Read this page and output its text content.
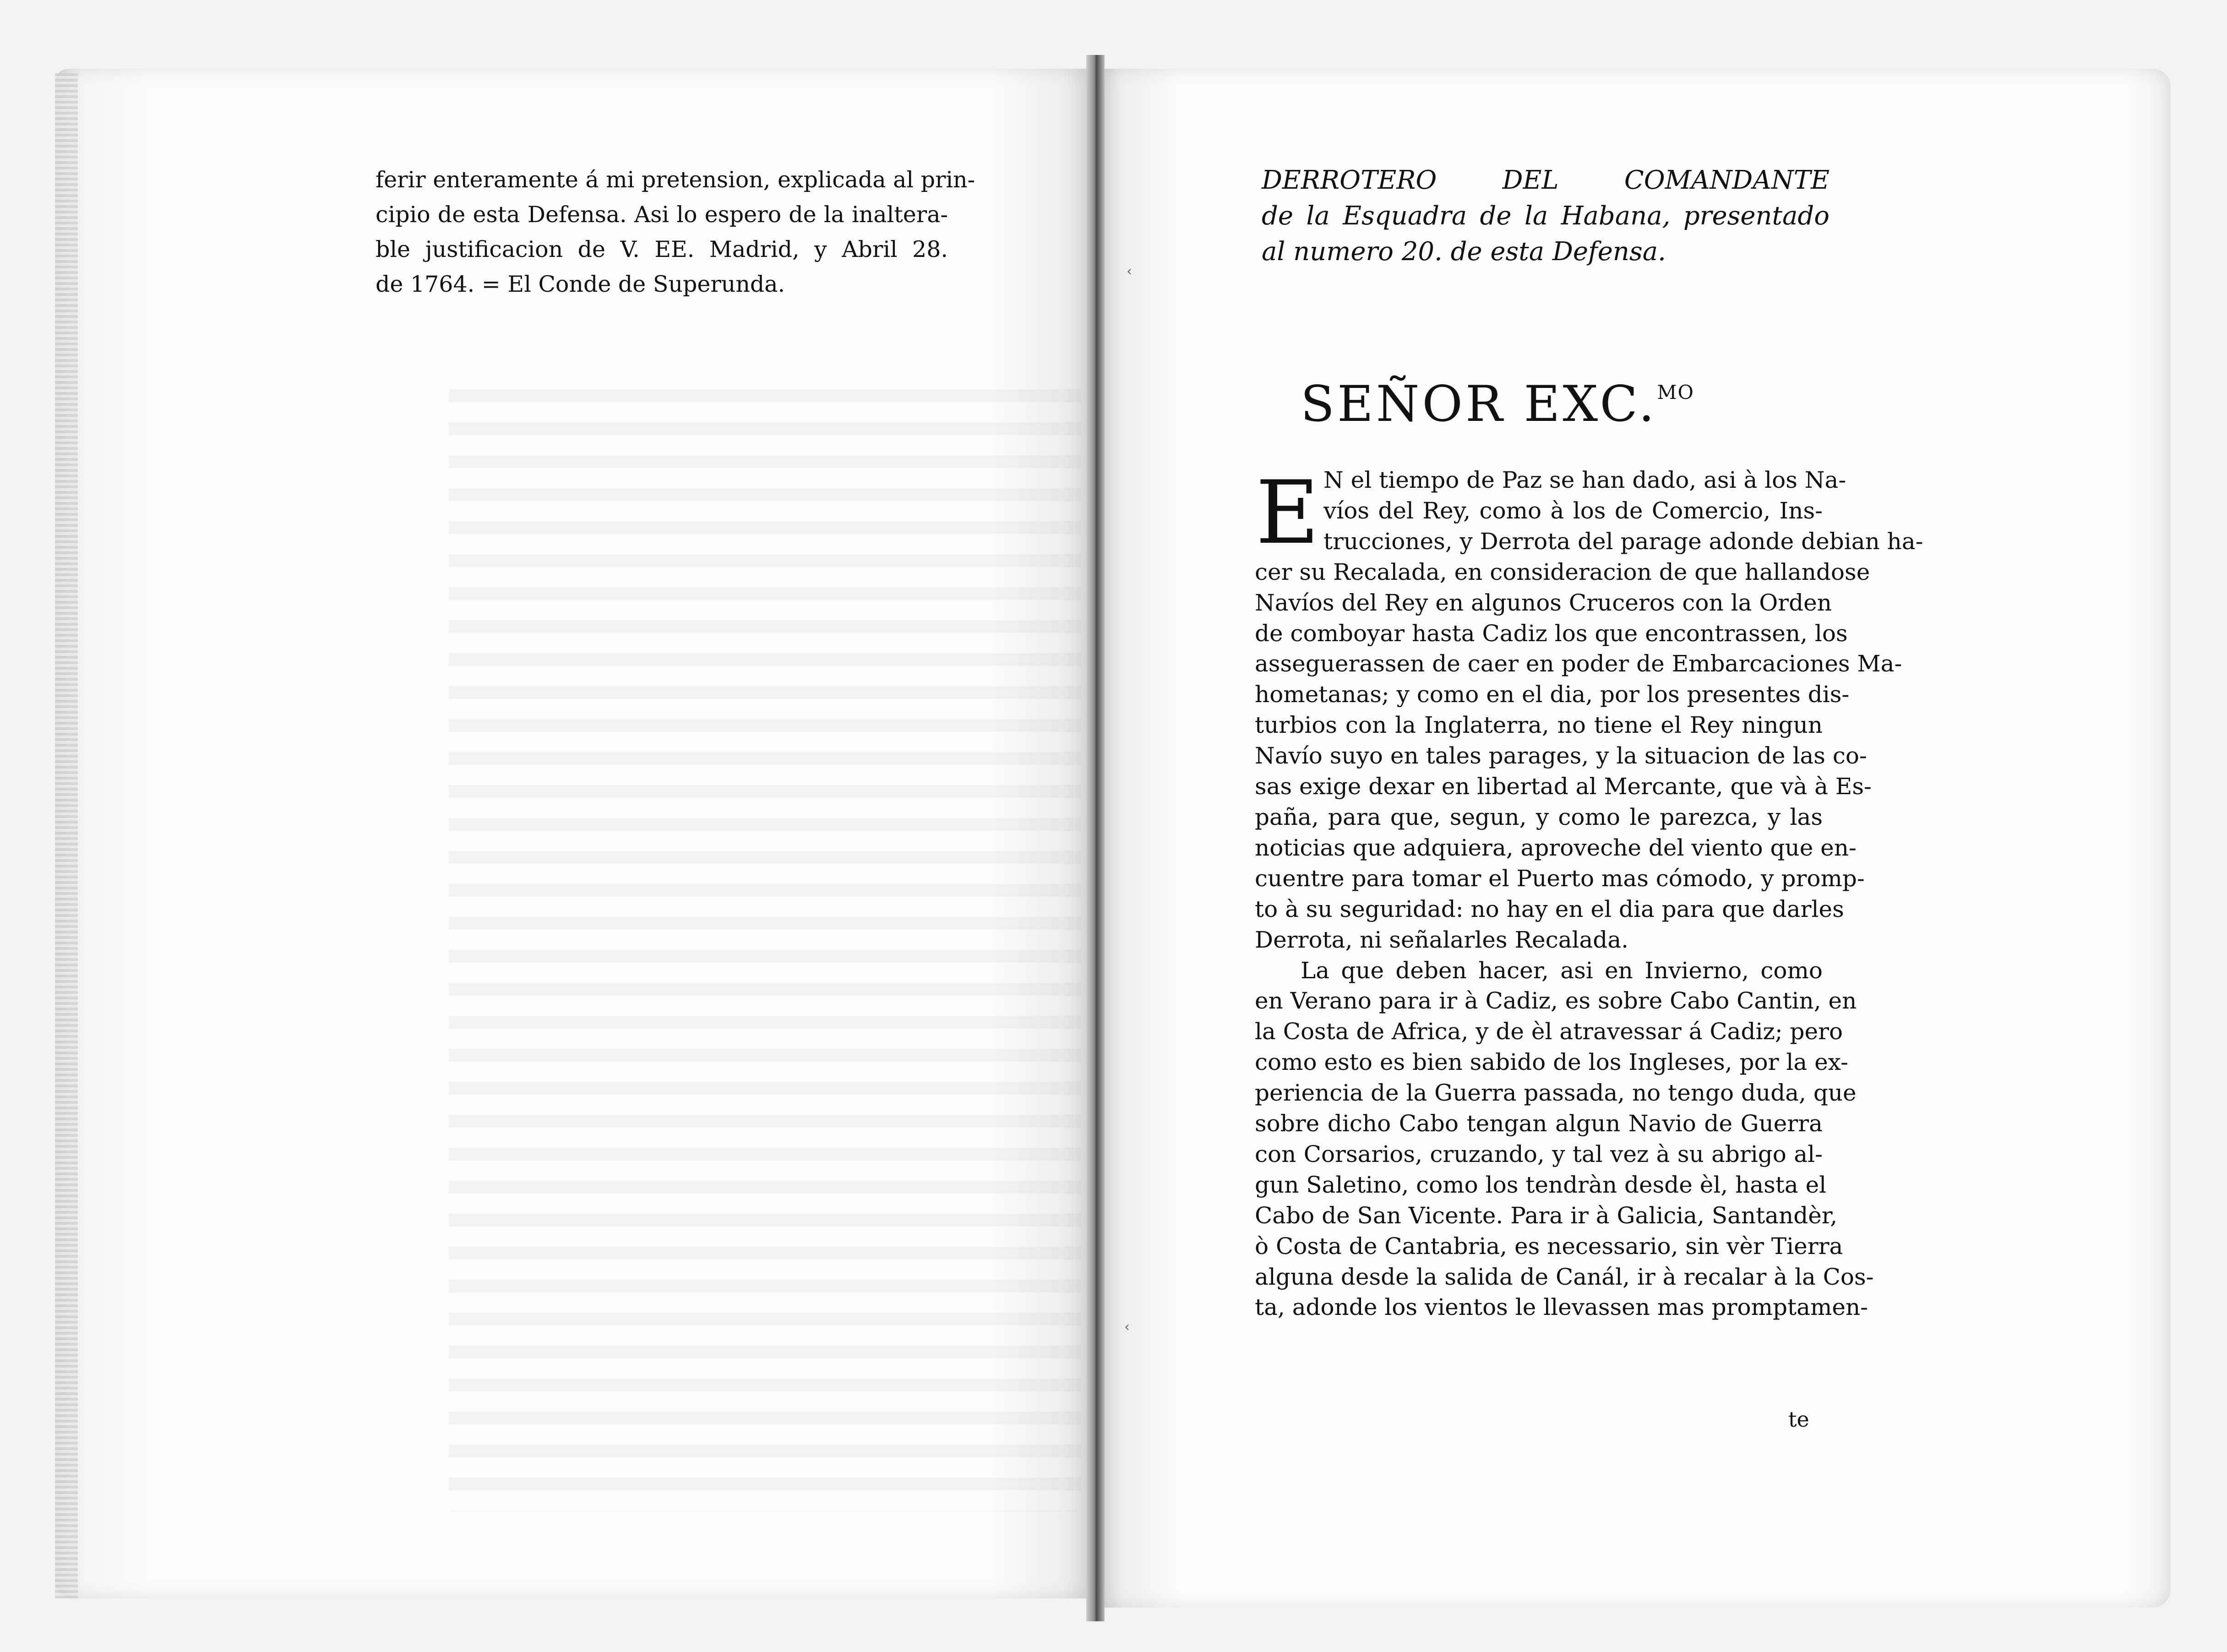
‹
‹
ferir enteramente á mi pretension, explicada al prin-
cipio de esta Defensa. Asi lo espero de la inaltera-
ble justificacion de V. EE. Madrid, y Abril 28.
de 1764. = El Conde de Superunda.
DERROTERO DEL COMANDANTE
de la Esquadra de la Habana, presentado
al numero 20. de esta Defensa.
SEÑOR EXC.$^{MO}$
E N el tiempo de Paz se han dado, asi à los Na-
víos del Rey, como à los de Comercio, Ins-
trucciones, y Derrota del parage adonde debian ha-
cer su Recalada, en consideracion de que hallandose
Navíos del Rey en algunos Cruceros con la Orden
de comboyar hasta Cadiz los que encontrassen, los
asseguerassen de caer en poder de Embarcaciones Ma-
hometanas; y como en el dia, por los presentes dis-
turbios con la Inglaterra, no tiene el Rey ningun
Navío suyo en tales parages, y la situacion de las co-
sas exige dexar en libertad al Mercante, que và à Es-
paña, para que, segun, y como le parezca, y las
noticias que adquiera, aproveche del viento que en-
cuentre para tomar el Puerto mas cómodo, y promp-
to à su seguridad: no hay en el dia para que darles
Derrota, ni señalarles Recalada.
La que deben hacer, asi en Invierno, como
en Verano para ir à Cadiz, es sobre Cabo Cantin, en
la Costa de Africa, y de èl atravessar á Cadiz; pero
como esto es bien sabido de los Ingleses, por la ex-
periencia de la Guerra passada, no tengo duda, que
sobre dicho Cabo tengan algun Navio de Guerra
con Corsarios, cruzando, y tal vez à su abrigo al-
gun Saletino, como los tendràn desde èl, hasta el
Cabo de San Vicente. Para ir à Galicia, Santandèr,
ò Costa de Cantabria, es necessario, sin vèr Tierra
alguna desde la salida de Canál, ir à recalar à la Cos-
ta, adonde los vientos le llevassen mas promptamen-
te
